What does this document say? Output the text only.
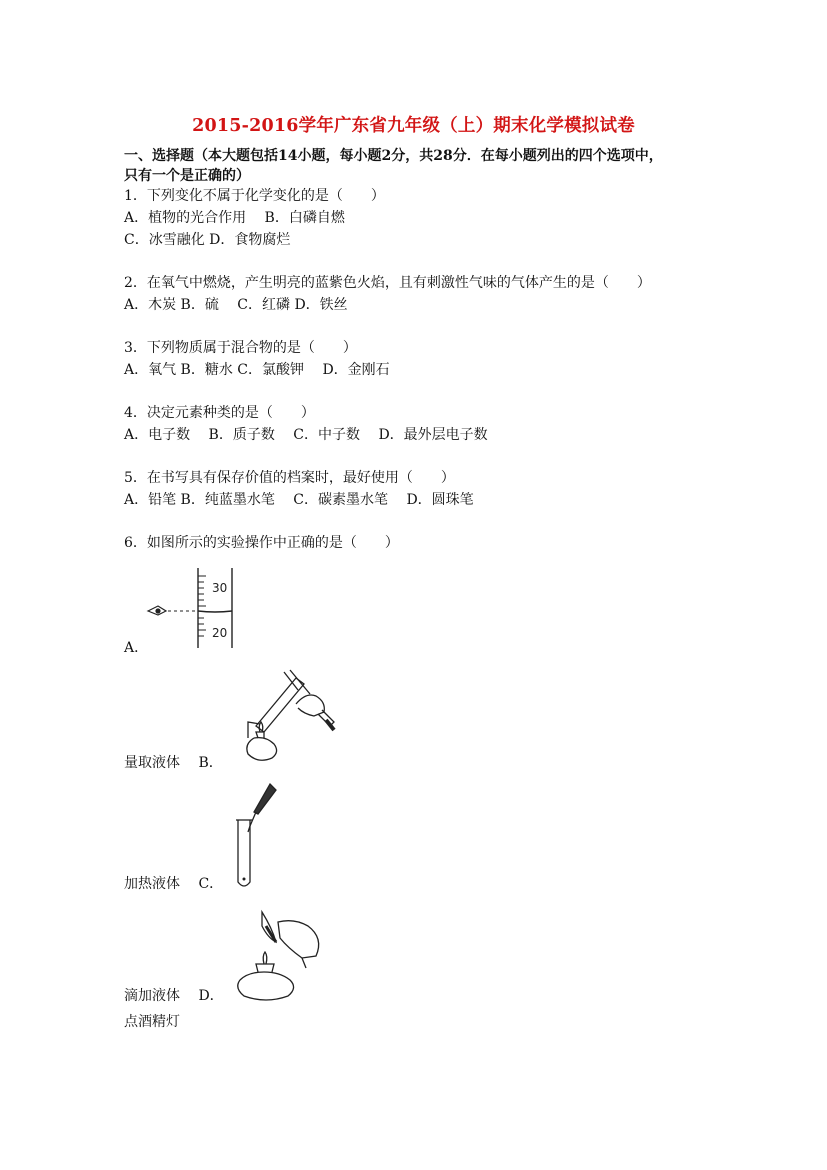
2015-2016学年广东省九年级（上）期末化学模拟试卷
一、选择题（本大题包括14小题，每小题2分，共28分．在每小题列出的四个选项中，
只有一个是正确的）
1．下列变化不属于化学变化的是（　　）
A．植物的光合作用　 B．白磷自燃
C．冰雪融化 D．食物腐烂
2．在氧气中燃烧，产生明亮的蓝紫色火焰，且有刺激性气味的气体产生的是（　　）
A．木炭 B．硫　 C．红磷 D．铁丝
3．下列物质属于混合物的是（　　）
A．氧气 B．糖水 C．氯酸钾　 D．金刚石
4．决定元素种类的是（　　）
A．电子数　 B．质子数　 C．中子数　 D．最外层电子数
5．在书写具有保存价值的档案时，最好使用（　　）
A．铅笔 B．纯蓝墨水笔　 C．碳素墨水笔　 D．圆珠笔
6．如图所示的实验操作中正确的是（　　）
30
20
A．
量取液体　 B．
加热液体　 C．
滴加液体　 D．
点酒精灯
